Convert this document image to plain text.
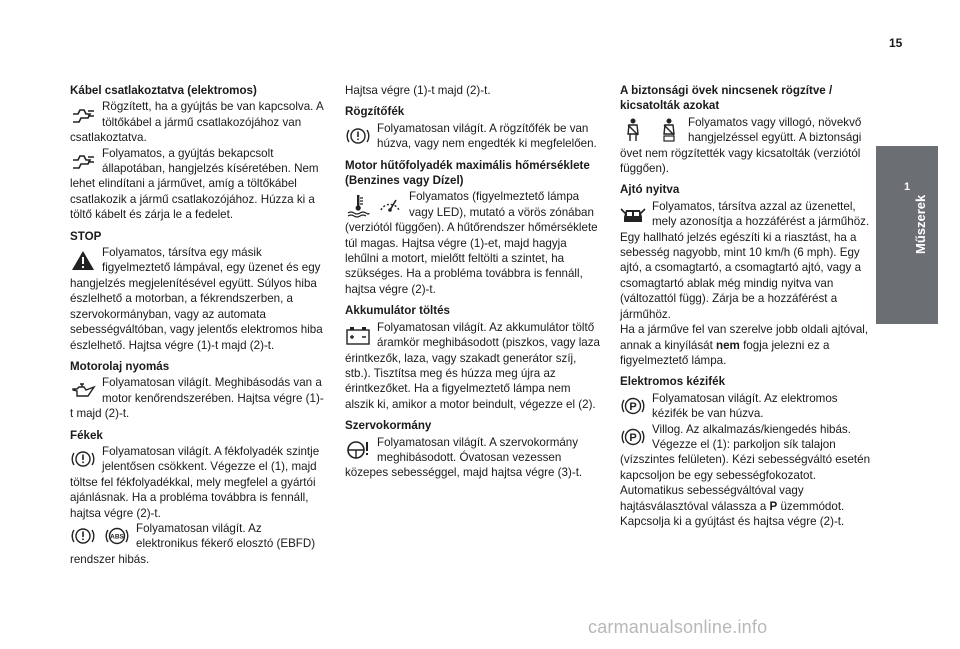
15
1
Műszerek
Kábel csatlakoztatva (elektromos)

Rögzített, ha a gyújtás be van kapcsolva. A töltőkábel a jármű csatlakozójához van csatlakoztatva.

Folyamatos, a gyújtás bekapcsolt állapotában, hangjelzés kíséretében. Nem lehet elindítani a járművet, amíg a töltőkábel csatlakozik a jármű csatlakozójához. Húzza ki a töltő kábelt és zárja le a fedelet.

STOP

Folyamatos, társítva egy másik figyelmeztető lámpával, egy üzenet és egy hangjelzés megjelenítésével együtt. Súlyos hiba észlelhető a motorban, a fékrendszerben, a szervokormányban, vagy az automata sebességváltóban, vagy jelentős elektromos hiba észlelhető. Hajtsa végre (1)-t majd (2)-t.

Motorolaj nyomás

Folyamatosan világít. Meghibásodás van a motor kenőrendszerében. Hajtsa végre (1)-t majd (2)-t.

Fékek

Folyamatosan világít. A fékfolyadék szintje jelentősen csökkent. Végezze el (1), majd töltse fel fékfolyadékkal, mely megfelel a gyártói ajánlásnak. Ha a probléma továbbra is fennáll, hajtsa végre (2)-t.

ABS

Folyamatosan világít. Az elektronikus fékerő elosztó (EBFD) rendszer hibás.

Hajtsa végre (1)-t majd (2)-t.

Rögzítőfék

Folyamatosan világít. A rögzítőfék be van húzva, vagy nem engedték ki megfelelően.

Motor hűtőfolyadék maximális hőmérséklete (Benzines vagy Dízel)

Folyamatos (figyelmeztető lámpa vagy LED), mutató a vörös zónában (verziótól függően). A hűtőrendszer hőmérséklete túl magas. Hajtsa végre (1)-et, majd hagyja lehűlni a motort, mielőtt feltölti a szintet, ha szükséges. Ha a probléma továbbra is fennáll, hajtsa végre (2)-t.

Akkumulátor töltés

Folyamatosan világít. Az akkumulátor töltő áramkör meghibásodott (piszkos, vagy laza érintkezők, laza, vagy szakadt generátor szíj, stb.). Tisztítsa meg és húzza meg újra az érintkezőket. Ha a figyelmeztető lámpa nem alszik ki, amikor a motor beindult, végezze el (2).

Szervokormány

Folyamatosan világít. A szervokormány meghibásodott. Óvatosan vezessen közepes sebességgel, majd hajtsa végre (3)-t.

A biztonsági övek nincsenek rögzítve / kicsatolták azokat

Folyamatos vagy villogó, növekvő hangjelzéssel együtt. A biztonsági övet nem rögzítették vagy kicsatolták (verziótól függően).

Ajtó nyitva

Folyamatos, társítva azzal az üzenettel, mely azonosítja a hozzáférést a járműhöz. Egy hallható jelzés egészíti ki a riasztást, ha a sebesség nagyobb, mint 10 km/h (6 mph). Egy ajtó, a csomagtartó, a csomagtartó ajtó, vagy a csomagtartó ablak még mindig nyitva van (változattól függ). Zárja be a hozzáférést a járműhöz.

Ha a járműve fel van szerelve jobb oldali ajtóval, annak a kinyílását nem fogja jelezni ez a figyelmeztető lámpa.

Elektromos kézifék
P

Folyamatosan világít. Az elektromos kézifék be van húzva.

P

Villog. Az alkalmazás/kiengedés hibás. Végezze el (1): parkoljon sík talajon (vízszintes felületen). Kézi sebességváltó esetén kapcsoljon be egy sebességfokozatot.

Automatikus sebességváltóval vagy hajtásválasztóval válassza a P üzemmódot. Kapcsolja ki a gyújtást és hajtsa végre (2)-t.

carmanualsonline.info
